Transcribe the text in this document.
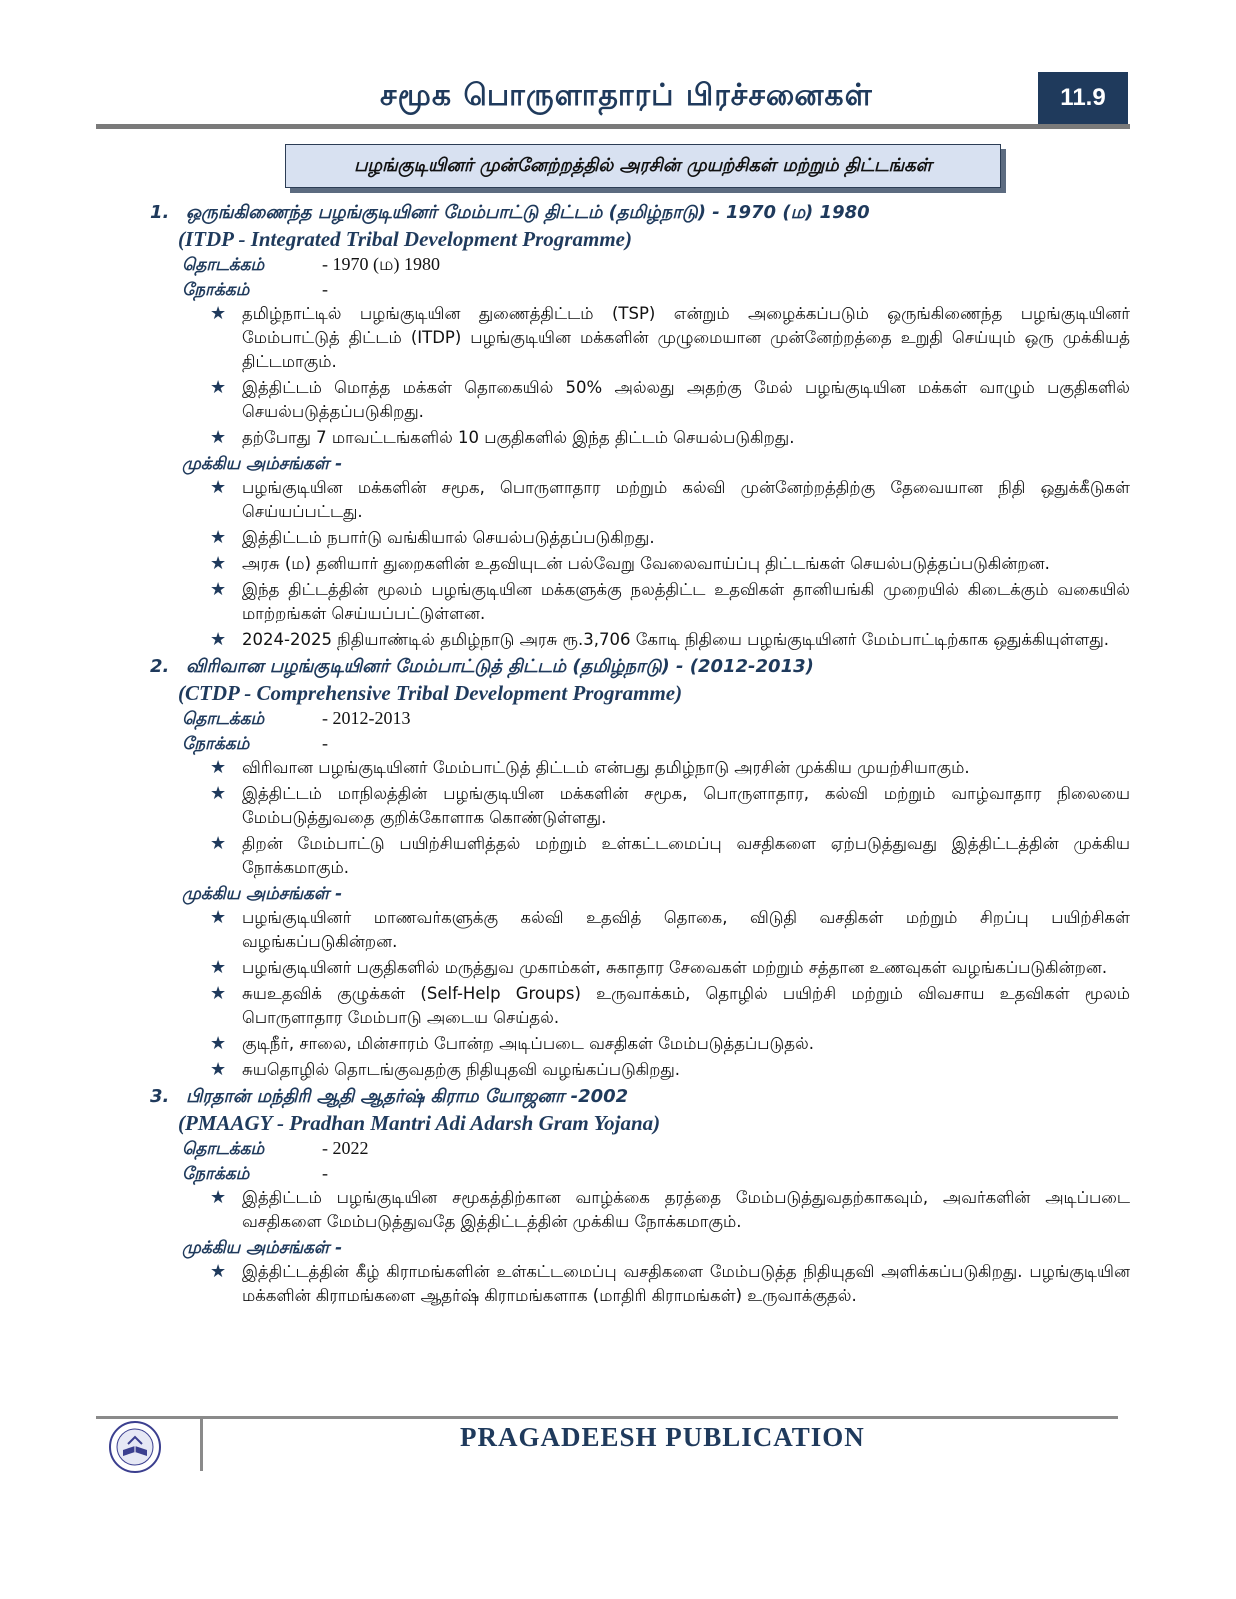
சமூக பொருளாதாரப் பிரச்சனைகள்	11.9
பழங்குடியினர் முன்னேற்றத்தில் அரசின் முயற்சிகள் மற்றும் திட்டங்கள்
1. ஒருங்கிணைந்த பழங்குடியினர் மேம்பாட்டு திட்டம் (தமிழ்நாடு) - 1970 (ம) 1980
(ITDP - Integrated Tribal Development Programme)
தொடக்கம்	- 1970 (ம) 1980
நோக்கம்	-
★ தமிழ்நாட்டில் பழங்குடியின துணைத்திட்டம் (TSP) என்றும் அழைக்கப்படும் ஒருங்கிணைந்த பழங்குடியினர் மேம்பாட்டுத் திட்டம் (ITDP) பழங்குடியின மக்களின் முழுமையான முன்னேற்றத்தை உறுதி செய்யும் ஒரு முக்கியத் திட்டமாகும்.
★ இத்திட்டம் மொத்த மக்கள் தொகையில் 50% அல்லது அதற்கு மேல் பழங்குடியின மக்கள் வாழும் பகுதிகளில் செயல்படுத்தப்படுகிறது.
★ தற்போது 7 மாவட்டங்களில் 10 பகுதிகளில் இந்த திட்டம் செயல்படுகிறது.
முக்கிய அம்சங்கள் -
★ பழங்குடியின மக்களின் சமூக, பொருளாதார மற்றும் கல்வி முன்னேற்றத்திற்கு தேவையான நிதி ஒதுக்கீடுகள் செய்யப்பட்டது.
★ இத்திட்டம் நபார்டு வங்கியால் செயல்படுத்தப்படுகிறது.
★ அரசு (ம) தனியார் துறைகளின் உதவியுடன் பல்வேறு வேலைவாய்ப்பு திட்டங்கள் செயல்படுத்தப்படுகின்றன.
★ இந்த திட்டத்தின் மூலம் பழங்குடியின மக்களுக்கு நலத்திட்ட உதவிகள் தானியங்கி முறையில் கிடைக்கும் வகையில் மாற்றங்கள் செய்யப்பட்டுள்ளன.
★ 2024-2025 நிதியாண்டில் தமிழ்நாடு அரசு ரூ.3,706 கோடி நிதியை பழங்குடியினர் மேம்பாட்டிற்காக ஒதுக்கியுள்ளது.
2. விரிவான பழங்குடியினர் மேம்பாட்டுத் திட்டம் (தமிழ்நாடு) - (2012-2013)
(CTDP - Comprehensive Tribal Development Programme)
தொடக்கம்	- 2012-2013
நோக்கம்	-
★ விரிவான பழங்குடியினர் மேம்பாட்டுத் திட்டம் என்பது தமிழ்நாடு அரசின் முக்கிய முயற்சியாகும்.
★ இத்திட்டம் மாநிலத்தின் பழங்குடியின மக்களின் சமூக, பொருளாதார, கல்வி மற்றும் வாழ்வாதார நிலையை மேம்படுத்துவதை குறிக்கோளாக கொண்டுள்ளது.
★ திறன் மேம்பாட்டு பயிற்சியளித்தல் மற்றும் உள்கட்டமைப்பு வசதிகளை ஏற்படுத்துவது இத்திட்டத்தின் முக்கிய நோக்கமாகும்.
முக்கிய அம்சங்கள் -
★ பழங்குடியினர் மாணவர்களுக்கு கல்வி உதவித் தொகை, விடுதி வசதிகள் மற்றும் சிறப்பு பயிற்சிகள் வழங்கப்படுகின்றன.
★ பழங்குடியினர் பகுதிகளில் மருத்துவ முகாம்கள், சுகாதார சேவைகள் மற்றும் சத்தான உணவுகள் வழங்கப்படுகின்றன.
★ சுயஉதவிக் குழுக்கள் (Self-Help Groups) உருவாக்கம், தொழில் பயிற்சி மற்றும் விவசாய உதவிகள் மூலம் பொருளாதார மேம்பாடு அடைய செய்தல்.
★ குடிநீர், சாலை, மின்சாரம் போன்ற அடிப்படை வசதிகள் மேம்படுத்தப்படுதல்.
★ சுயதொழில் தொடங்குவதற்கு நிதியுதவி வழங்கப்படுகிறது.
3. பிரதான் மந்திரி ஆதி ஆதர்ஷ் கிராம யோஜனா -2002
(PMAAGY - Pradhan Mantri Adi Adarsh Gram Yojana)
தொடக்கம்	- 2022
நோக்கம்	-
★ இத்திட்டம் பழங்குடியின சமூகத்திற்கான வாழ்க்கை தரத்தை மேம்படுத்துவதற்காகவும், அவர்களின் அடிப்படை வசதிகளை மேம்படுத்துவதே இத்திட்டத்தின் முக்கிய நோக்கமாகும்.
முக்கிய அம்சங்கள் -
★ இத்திட்டத்தின் கீழ் கிராமங்களின் உள்கட்டமைப்பு வசதிகளை மேம்படுத்த நிதியுதவி அளிக்கப்படுகிறது. பழங்குடியின மக்களின் கிராமங்களை ஆதர்ஷ் கிராமங்களாக (மாதிரி கிராமங்கள்) உருவாக்குதல்.
PRAGADEESH PUBLICATION
